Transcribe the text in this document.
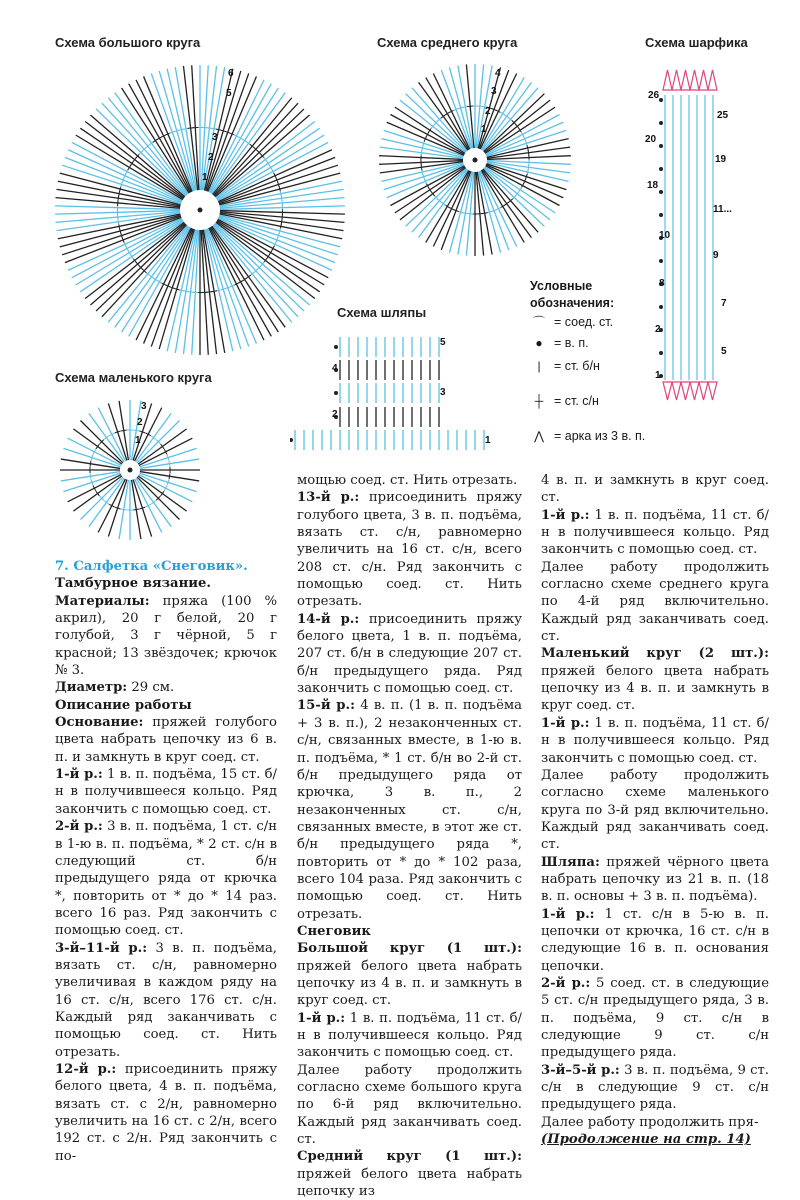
Схема большого круга	Схема среднего круга	Схема шарфика
Схема маленького круга
Схема шляпы
6
5
3
2
1
4
3
2
1
3
2
1
5
4
3
2
1
26
25
20
19
18
11...
10
9
8
7
2
5
1
Условные
обозначения:
⌒ = соед. ст.
● = в. п.
|	= ст. б/н
┼ = ст. с/н
⋀ = арка из 3 в. п.

7. Салфетка «Снеговик».

Тамбурное вязание.

Материалы: пряжа (100 % акрил), 20 г белой, 20 г голубой, 3 г чёрной, 5 г красной; 13 звёздочек; крючок № 3.

Диаметр: 29 см.

Описание работы

Основание: пряжей голубого цвета набрать цепочку из 6 в. п. и замкнуть в круг соед. ст.

1-й р.: 1 в. п. подъёма, 15 ст. б/н в получившееся кольцо. Ряд закончить с помощью соед. ст.

2-й р.: 3 в. п. подъёма, 1 ст. с/н в 1-ю в. п. подъёма, * 2 ст. с/н в следующий ст. б/н предыдущего ряда от крючка *, повторить от * до * 14 раз. всего 16 раз. Ряд закончить с помощью соед. ст.

3-й–11-й р.: 3 в. п. подъёма, вязать ст. с/н, равномерно увеличивая в каждом ряду на 16 ст. с/н, всего 176 ст. с/н. Каждый ряд заканчивать с помощью соед. ст. Нить отрезать.

12-й р.: присоединить пряжу белого цвета, 4 в. п. подъёма, вязать ст. с 2/н, равномерно увеличить на 16 ст. с 2/н, всего 192 ст. с 2/н. Ряд закончить с по-

мощью соед. ст. Нить отрезать.

13-й р.: присоединить пряжу голубого цвета, 3 в. п. подъёма, вязать ст. с/н, равномерно увеличить на 16 ст. с/н, всего 208 ст. с/н. Ряд закончить с помощью соед. ст. Нить отрезать.

14-й р.: присоединить пряжу белого цвета, 1 в. п. подъёма, 207 ст. б/н в следующие 207 ст. б/н предыдущего ряда. Ряд закончить с помощью соед. ст.

15-й р.: 4 в. п. (1 в. п. подъёма + 3 в. п.), 2 незаконченных ст. с/н, связанных вместе, в 1-ю в. п. подъёма, * 1 ст. б/н во 2-й ст. б/н предыдущего ряда от крючка, 3 в. п., 2 незаконченных ст. с/н, связанных вместе, в этот же ст. б/н предыдущего ряда *, повторить от * до * 102 раза, всего 104 раза. Ряд закончить с помощью соед. ст. Нить отрезать.

Снеговик

Большой круг (1 шт.): пряжей белого цвета набрать цепочку из 4 в. п. и замкнуть в круг соед. ст.

1-й р.: 1 в. п. подъёма, 11 ст. б/н в получившееся кольцо. Ряд закончить с помощью соед. ст.

Далее работу продолжить согласно схеме большого круга по 6-й ряд включительно. Каждый ряд заканчивать соед. ст.

Средний круг (1 шт.): пряжей белого цвета набрать цепочку из

4 в. п. и замкнуть в круг соед. ст.

1-й р.: 1 в. п. подъёма, 11 ст. б/н в получившееся кольцо. Ряд закончить с помощью соед. ст.

Далее работу продолжить согласно схеме среднего круга по 4-й ряд включительно. Каждый ряд заканчивать соед. ст.

Маленький круг (2 шт.): пряжей белого цвета набрать цепочку из 4 в. п. и замкнуть в круг соед. ст.

1-й р.: 1 в. п. подъёма, 11 ст. б/н в получившееся кольцо. Ряд закончить с помощью соед. ст.

Далее работу продолжить согласно схеме маленького круга по 3-й ряд включительно. Каждый ряд заканчивать соед. ст.

Шляпа: пряжей чёрного цвета набрать цепочку из 21 в. п. (18 в. п. основы + 3 в. п. подъёма).

1-й р.: 1 ст. с/н в 5-ю в. п. цепочки от крючка, 16 ст. с/н в следующие 16 в. п. основания цепочки.

2-й р.: 5 соед. ст. в следующие 5 ст. с/н предыдущего ряда, 3 в. п. подъёма, 9 ст. с/н в следующие 9 ст. с/н предыдущего ряда.

3-й–5-й р.: 3 в. п. подъёма, 9 ст. с/н в следующие 9 ст. с/н предыдущего ряда.

Далее работу продолжить пря-

(Продолжение на стр. 14)
